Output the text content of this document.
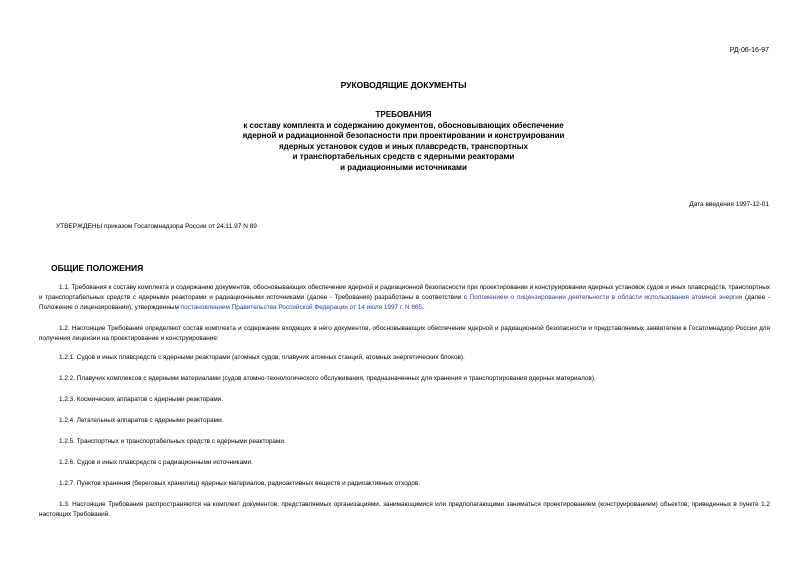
РД-06-16-97
РУКОВОДЯЩИЕ ДОКУМЕНТЫ
ТРЕБОВАНИЯ
к составу комплекта и содержанию документов, обосновывающих обеспечение
ядерной и радиационной безопасности при проектировании и конструировании
ядерных установок судов и иных плавсредств, транспортных
и транспортабельных средств с ядерными реакторами
и радиационными источниками
Дата введения 1997-12-01
УТВЕРЖДЕНЫ приказом Госатомнадзора России от 24.11.97 N 89
ОБЩИЕ ПОЛОЖЕНИЯ
1.1. Требования к составу комплекта и содержанию документов, обосновывающих обеспечение ядерной и радиационной безопасности при проектировании и конструировании ядерных установок судов и иных плавсредств, транспортных и транспортабельных средств с ядерными реакторами и радиационными источниками (далее - Требования) разработаны в соответствии с Положением о лицензировании деятельности в области использования атомной энергии (далее - Положение о лицензировании), утвержденным постановлением Правительства Российской Федерации от 14 июля 1997 г. N 865.
1.2. Настоящие Требования определяют состав комплекта и содержание входящих в него документов, обосновывающих обеспечение ядерной и радиационной безопасности и представляемых заявителем в Госатомнадзор России для получения лицензии на проектирование и конструирование:
1.2.1. Судов и иных плавсредств с ядерными реакторами (атомных судов, плавучих атомных станций, атомных энергетических блоков).
1.2.2. Плавучих комплексов с ядерными материалами (судов атомно-технологического обслуживания, предназначенных для хранения и транспортирования ядерных материалов).
1.2.3. Космических аппаратов с ядерными реакторами.
1.2.4. Летательных аппаратов с ядерными реакторами.
1.2.5. Транспортных и транспортабельных средств с ядерными реакторами.
1.2.6. Судов и иных плавсредств с радиационными источниками.
1.2.7. Пунктов хранения (береговых хранилищ) ядерных материалов, радиоактивных веществ и радиоактивных отходов.
1.3. Настоящие Требования распространяются на комплект документов, представляемых организациями, занимающимися или предполагающими заниматься проектированием (конструированием) объектов, приведенных в пункте 1.2 настоящих Требований.
